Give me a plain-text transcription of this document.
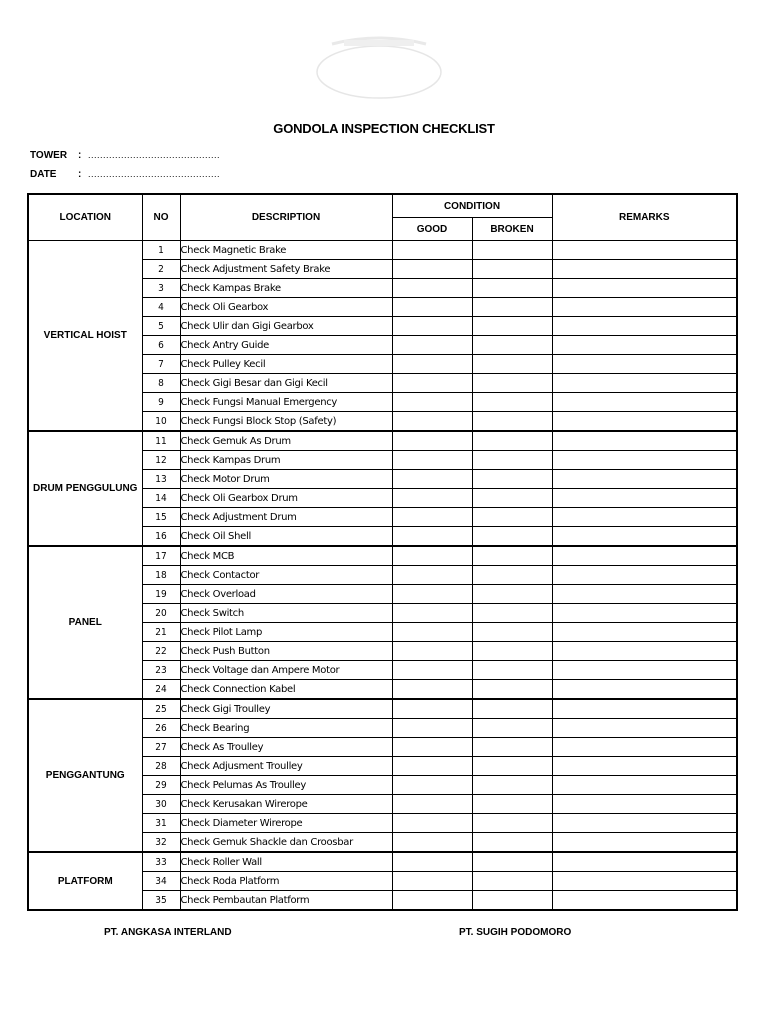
GONDOLA INSPECTION CHECKLIST
TOWER : ............................................
DATE : ............................................
LOCATION	NO	DESCRIPTION	CONDITION		REMARKS
			GOOD	BROKEN	
VERTICAL HOIST	1	Check Magnetic Brake			
	2	Check Adjustment Safety Brake			
	3	Check Kampas Brake			
	4	Check Oli Gearbox			
	5	Check Ulir dan Gigi Gearbox			
	6	Check Antry Guide			
	7	Check Pulley Kecil			
	8	Check Gigi Besar dan Gigi Kecil			
	9	Check Fungsi Manual Emergency			
	10	Check Fungsi Block Stop (Safety)			
DRUM PENGGULUNG	11	Check Gemuk As Drum			
	12	Check Kampas Drum			
	13	Check Motor Drum			
	14	Check Oli Gearbox Drum			
	15	Check Adjustment Drum			
	16	Check Oil Shell			
PANEL	17	Check MCB			
	18	Check Contactor			
	19	Check Overload			
	20	Check Switch			
	21	Check Pilot Lamp			
	22	Check Push Button			
	23	Check Voltage dan Ampere Motor			
	24	Check Connection Kabel			
PENGGANTUNG	25	Check Gigi Troulley			
	26	Check Bearing			
	27	Check As Troulley			
	28	Check Adjusment Troulley			
	29	Check Pelumas As Troulley			
	30	Check Kerusakan Wirerope			
	31	Check Diameter Wirerope			
	32	Check Gemuk Shackle dan Croosbar			
PLATFORM	33	Check Roller Wall			
	34	Check Roda Platform			
	35	Check Pembautan Platform			
PT. ANGKASA INTERLAND	PT. SUGIH PODOMORO
